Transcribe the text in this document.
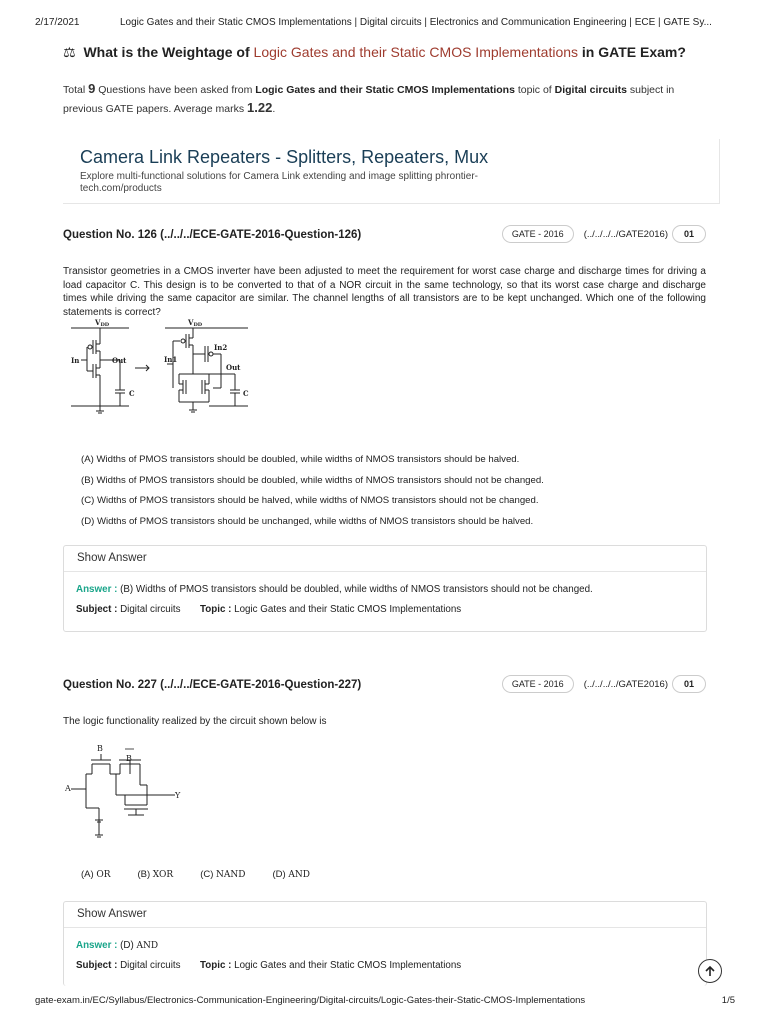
2/17/2021	Logic Gates and their Static CMOS Implementations | Digital circuits | Electronics and Communication Engineering | ECE | GATE Sy...
⚖ What is the Weightage of Logic Gates and their Static CMOS Implementations in GATE Exam?
Total 9 Questions have been asked from Logic Gates and their Static CMOS Implementations topic of Digital circuits subject in previous GATE papers. Average marks 1.22.
Camera Link Repeaters - Splitters, Repeaters, Mux
Explore multi-functional solutions for Camera Link extending and image splitting phrontier-tech.com/products
Question No. 126 (../../../ECE-GATE-2016-Question-126)	GATE - 2016	(../../../../GATE2016)	01
Transistor geometries in a CMOS inverter have been adjusted to meet the requirement for worst case charge and discharge times for driving a load capacitor C. This design is to be converted to that of a NOR circuit in the same technology, so that its worst case charge and discharge times while driving the same capacitor are similar. The channel lengths of all transistors are to be kept unchanged. Which one of the following statements is correct?
VDD
In	Out
C
VDD
In1
In2
Out
C
(A) Widths of PMOS transistors should be doubled, while widths of NMOS transistors should be halved.
(B) Widths of PMOS transistors should be doubled, while widths of NMOS transistors should not be changed.
(C) Widths of PMOS transistors should be halved, while widths of NMOS transistors should not be changed.
(D) Widths of PMOS transistors should be unchanged, while widths of NMOS transistors should be halved.
Show Answer
Answer : (B) Widths of PMOS transistors should be doubled, while widths of NMOS transistors should not be changed.
Subject : Digital circuits Topic : Logic Gates and their Static CMOS Implementations
Question No. 227 (../../../ECE-GATE-2016-Question-227)	GATE - 2016	(../../../../GATE2016)	01
The logic functionality realized by the circuit shown below is
B
B
A
Y
(A) OR	(B) XOR	(C) NAND	(D) AND
Show Answer
Answer : (D) AND
Subject : Digital circuits Topic : Logic Gates and their Static CMOS Implementations
gate-exam.in/EC/Syllabus/Electronics-Communication-Engineering/Digital-circuits/Logic-Gates-their-Static-CMOS-Implementations	1/5
